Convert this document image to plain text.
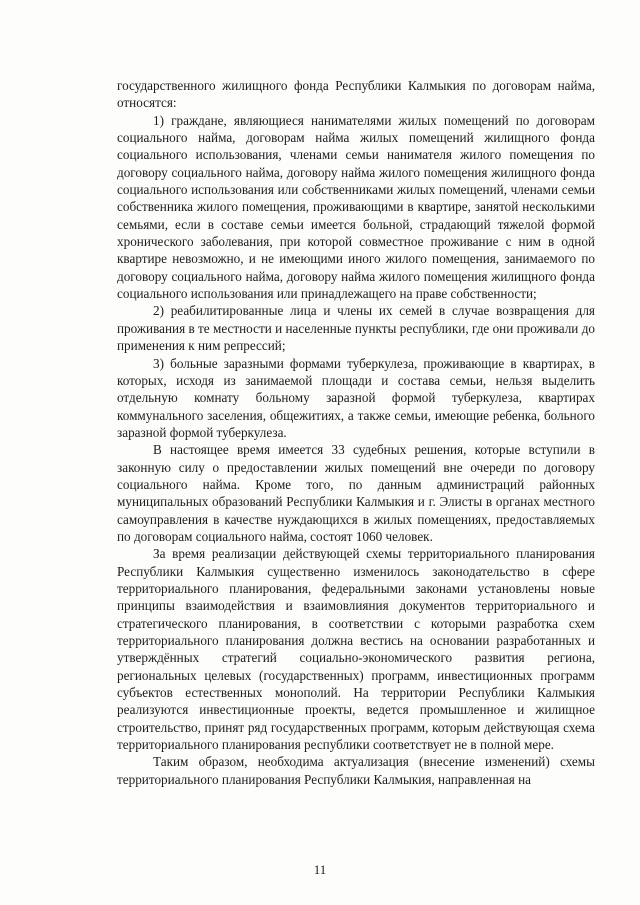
государственного жилищного фонда Республики Калмыкия по договорам найма, относятся:

1) граждане, являющиеся нанимателями жилых помещений по договорам социального найма, договорам найма жилых помещений жилищного фонда социального использования, членами семьи нанимателя жилого помещения по договору социального найма, договору найма жилого помещения жилищного фонда социального использования или собственниками жилых помещений, членами семьи собственника жилого помещения, проживающими в квартире, занятой несколькими семьями, если в составе семьи имеется больной, страдающий тяжелой формой хронического заболевания, при которой совместное проживание с ним в одной квартире невозможно, и не имеющими иного жилого помещения, занимаемого по договору социального найма, договору найма жилого помещения жилищного фонда социального использования или принадлежащего на праве собственности;

2) реабилитированные лица и члены их семей в случае возвращения для проживания в те местности и населенные пункты республики, где они проживали до применения к ним репрессий;

3) больные заразными формами туберкулеза, проживающие в квартирах, в которых, исходя из занимаемой площади и состава семьи, нельзя выделить отдельную комнату больному заразной формой туберкулеза, квартирах коммунального заселения, общежитиях, а также семьи, имеющие ребенка, больного заразной формой туберкулеза.

В настоящее время имеется 33 судебных решения, которые вступили в законную силу о предоставлении жилых помещений вне очереди по договору социального найма. Кроме того, по данным администраций районных муниципальных образований Республики Калмыкия и г. Элисты в органах местного самоуправления в качестве нуждающихся в жилых помещениях, предоставляемых по договорам социального найма, состоят 1060 человек.

За время реализации действующей схемы территориального планирования Республики Калмыкия существенно изменилось законодательство в сфере территориального планирования, федеральными законами установлены новые принципы взаимодействия и взаимовлияния документов территориального и стратегического планирования, в соответствии с которыми разработка схем территориального планирования должна вестись на основании разработанных и утверждённых стратегий социально-экономического развития региона, региональных целевых (государственных) программ, инвестиционных программ субъектов естественных монополий. На территории Республики Калмыкия реализуются инвестиционные проекты, ведется промышленное и жилищное строительство, принят ряд государственных программ, которым действующая схема территориального планирования республики соответствует не в полной мере.

Таким образом, необходима актуализация (внесение изменений) схемы территориального планирования Республики Калмыкия, направленная на

11
